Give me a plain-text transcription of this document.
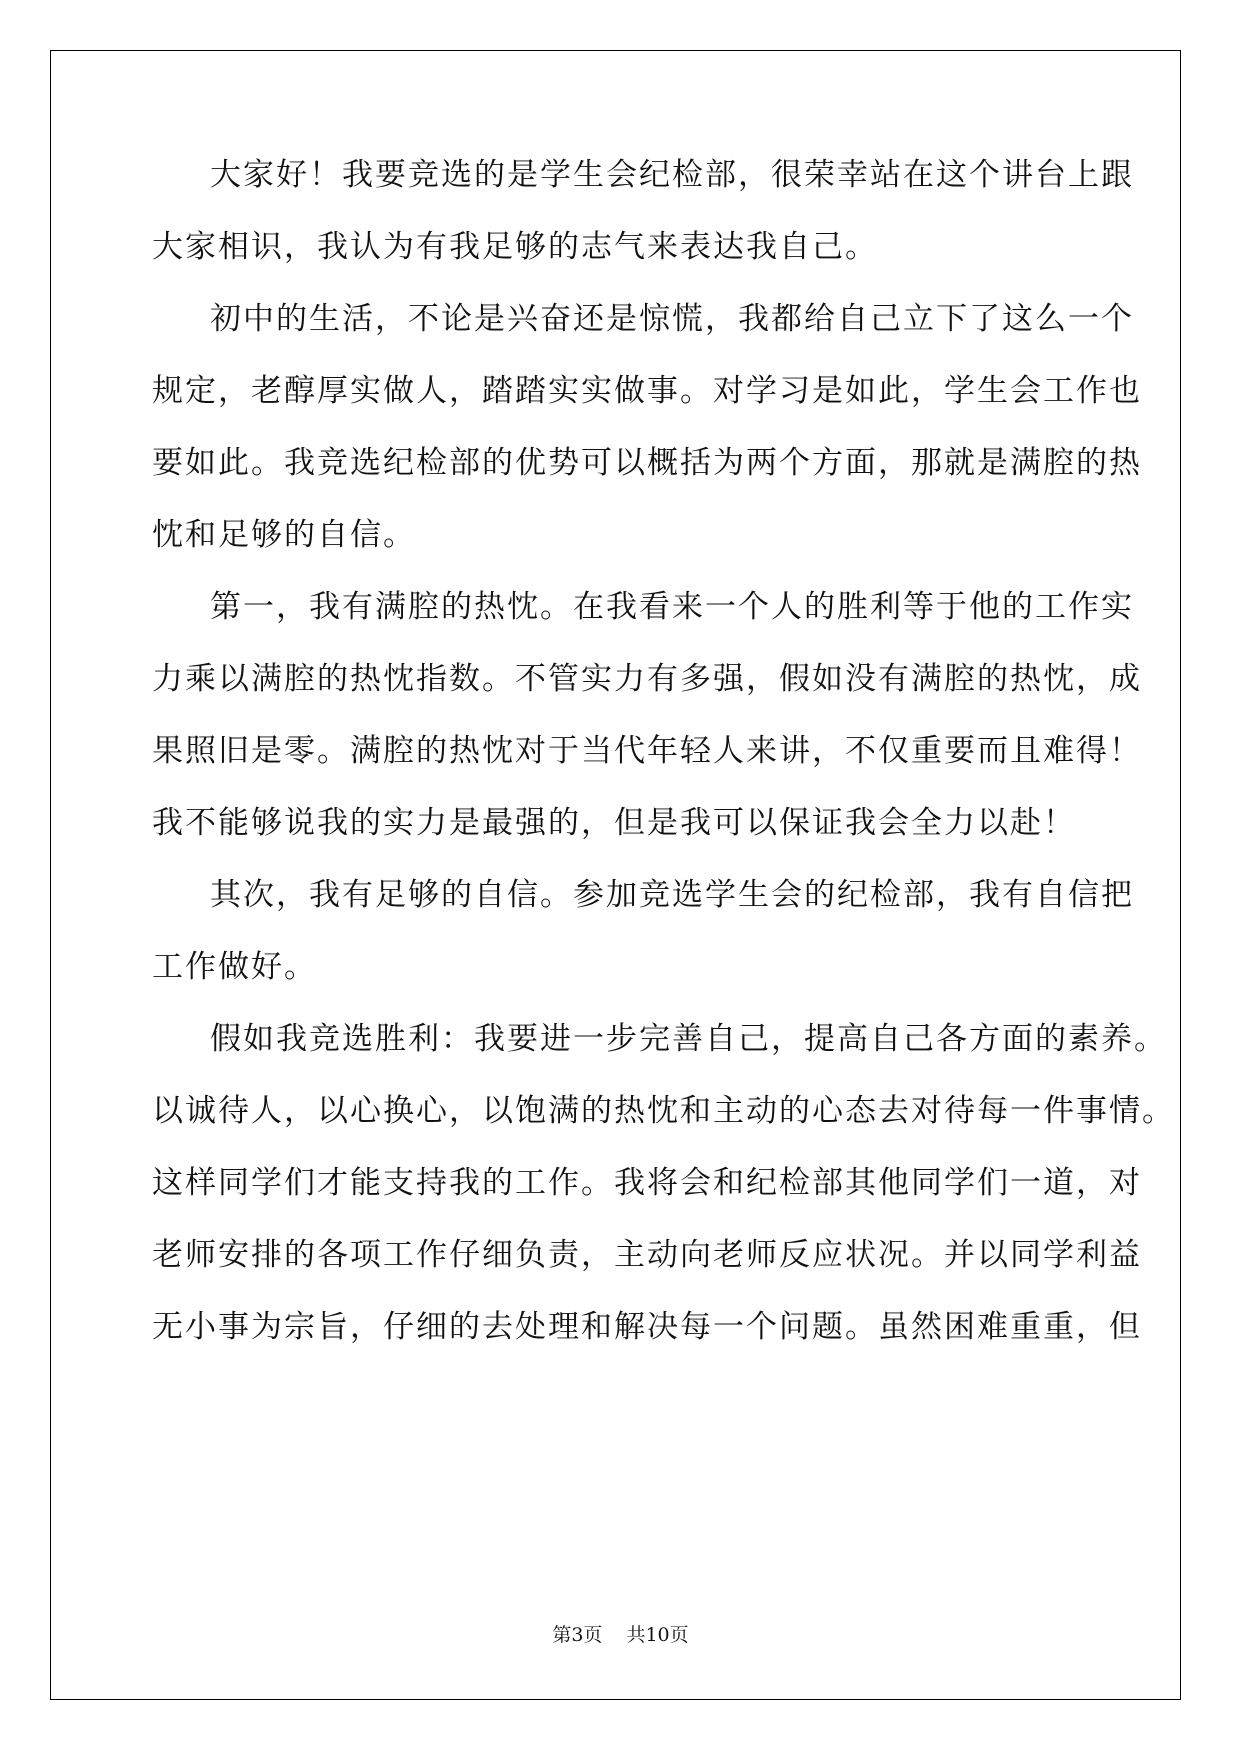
大家好！我要竞选的是学生会纪检部，很荣幸站在这个讲台上跟

大家相识，我认为有我足够的志气来表达我自己。

初中的生活，不论是兴奋还是惊慌，我都给自己立下了这么一个

规定，老醇厚实做人，踏踏实实做事。对学习是如此，学生会工作也

要如此。我竞选纪检部的优势可以概括为两个方面，那就是满腔的热

忱和足够的自信。

第一，我有满腔的热忱。在我看来一个人的胜利等于他的工作实

力乘以满腔的热忱指数。不管实力有多强，假如没有满腔的热忱，成

果照旧是零。满腔的热忱对于当代年轻人来讲，不仅重要而且难得！

我不能够说我的实力是最强的，但是我可以保证我会全力以赴！

其次，我有足够的自信。参加竞选学生会的纪检部，我有自信把

工作做好。

假如我竞选胜利：我要进一步完善自己，提高自己各方面的素养。

以诚待人，以心换心，以饱满的热忱和主动的心态去对待每一件事情。

这样同学们才能支持我的工作。我将会和纪检部其他同学们一道，对

老师安排的各项工作仔细负责，主动向老师反应状况。并以同学利益

无小事为宗旨，仔细的去处理和解决每一个问题。虽然困难重重，但

第3页 共10页
